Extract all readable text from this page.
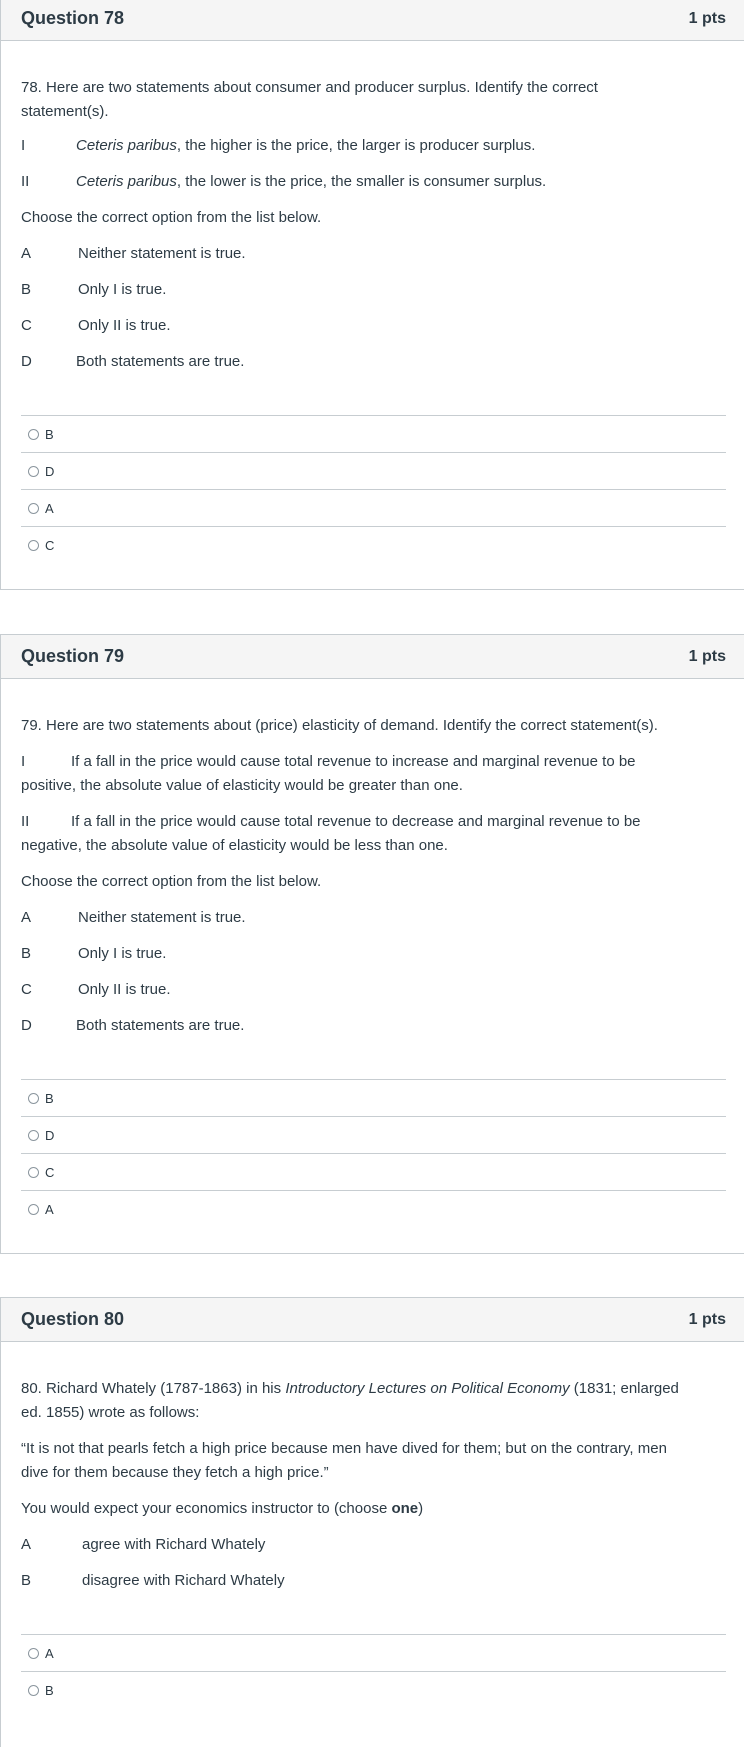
Question 78	1 pts
78. Here are two statements about consumer and producer surplus. Identify the correct statement(s).
I	Ceteris paribus, the higher is the price, the larger is producer surplus.
II	Ceteris paribus, the lower is the price, the smaller is consumer surplus.
Choose the correct option from the list below.
A	Neither statement is true.
B	Only I is true.
C	Only II is true.
D	Both statements are true.
B
D
A
C
Question 79	1 pts
79. Here are two statements about (price) elasticity of demand. Identify the correct statement(s).
I	If a fall in the price would cause total revenue to increase and marginal revenue to be
positive, the absolute value of elasticity would be greater than one.
II	If a fall in the price would cause total revenue to decrease and marginal revenue to be
negative, the absolute value of elasticity would be less than one.
Choose the correct option from the list below.
A	Neither statement is true.
B	Only I is true.
C	Only II is true.
D	Both statements are true.
B
D
C
A
Question 80	1 pts
80. Richard Whately (1787-1863) in his Introductory Lectures on Political Economy (1831; enlarged
ed. 1855) wrote as follows:
“It is not that pearls fetch a high price because men have dived for them; but on the contrary, men
dive for them because they fetch a high price.”
You would expect your economics instructor to (choose one)
A	agree with Richard Whately
B	disagree with Richard Whately
A
B
